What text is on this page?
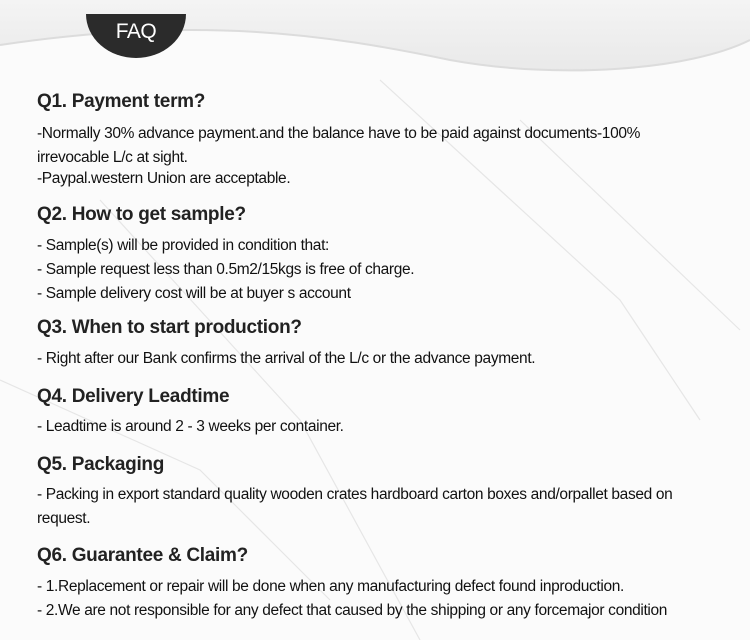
FAQ
Q1. Payment term?
-Normally 30% advance payment.and the balance have to be paid against documents-100%
irrevocable L/c at sight.
-Paypal.western Union are acceptable.
Q2. How to get sample?
- Sample(s) will be provided in condition that:
- Sample request less than 0.5m2/15kgs is free of charge.
- Sample delivery cost will be at buyer s account
Q3. When to start production?
- Right after our Bank confirms the arrival of the L/c or the advance payment.
Q4. Delivery Leadtime
- Leadtime is around 2 - 3 weeks per container.
Q5. Packaging
- Packing in export standard quality wooden crates hardboard carton boxes and/orpallet based on
request.
Q6. Guarantee & Claim?
- 1.Replacement or repair will be done when any manufacturing defect found inproduction.
- 2.We are not responsible for any defect that caused by the shipping or any forcemajor condition
